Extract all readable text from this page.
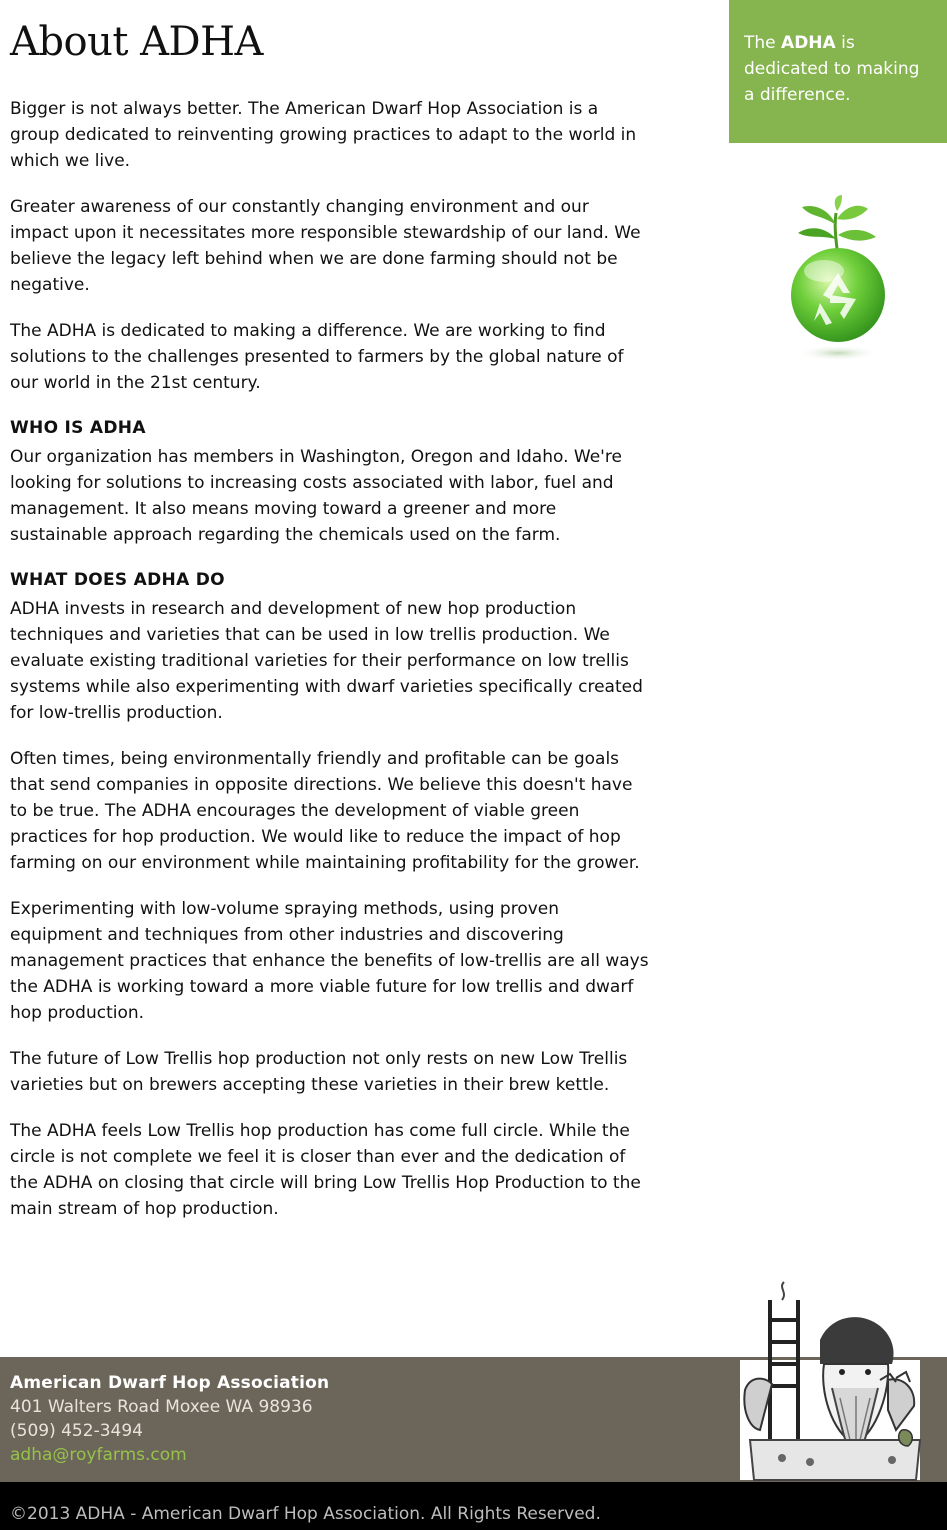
About ADHA

Bigger is not always better. The American Dwarf Hop Association is a group dedicated to reinventing growing practices to adapt to the world in which we live.

Greater awareness of our constantly changing environment and our impact upon it necessitates more responsible stewardship of our land. We believe the legacy left behind when we are done farming should not be negative.

The ADHA is dedicated to making a difference. We are working to find solutions to the challenges presented to farmers by the global nature of our world in the 21st century.

WHO IS ADHA

Our organization has members in Washington, Oregon and Idaho. We're looking for solutions to increasing costs associated with labor, fuel and management. It also means moving toward a greener and more sustainable approach regarding the chemicals used on the farm.

WHAT DOES ADHA DO

ADHA invests in research and development of new hop production techniques and varieties that can be used in low trellis production. We evaluate existing traditional varieties for their performance on low trellis systems while also experimenting with dwarf varieties specifically created for low-trellis production.

Often times, being environmentally friendly and profitable can be goals that send companies in opposite directions. We believe this doesn't have to be true. The ADHA encourages the development of viable green practices for hop production. We would like to reduce the impact of hop farming on our environment while maintaining profitability for the grower.

Experimenting with low-volume spraying methods, using proven equipment and techniques from other industries and discovering management practices that enhance the benefits of low-trellis are all ways the ADHA is working toward a more viable future for low trellis and dwarf hop production.

The future of Low Trellis hop production not only rests on new Low Trellis varieties but on brewers accepting these varieties in their brew kettle.

The ADHA feels Low Trellis hop production has come full circle. While the circle is not complete we feel it is closer than ever and the dedication of the ADHA on closing that circle will bring Low Trellis Hop Production to the main stream of hop production.

The ADHA is dedicated to making a difference.
American Dwarf Hop Association
401 Walters Road Moxee WA 98936
(509) 452-3494
adha@royfarms.com
©2013 ADHA - American Dwarf Hop Association. All Rights Reserved.
